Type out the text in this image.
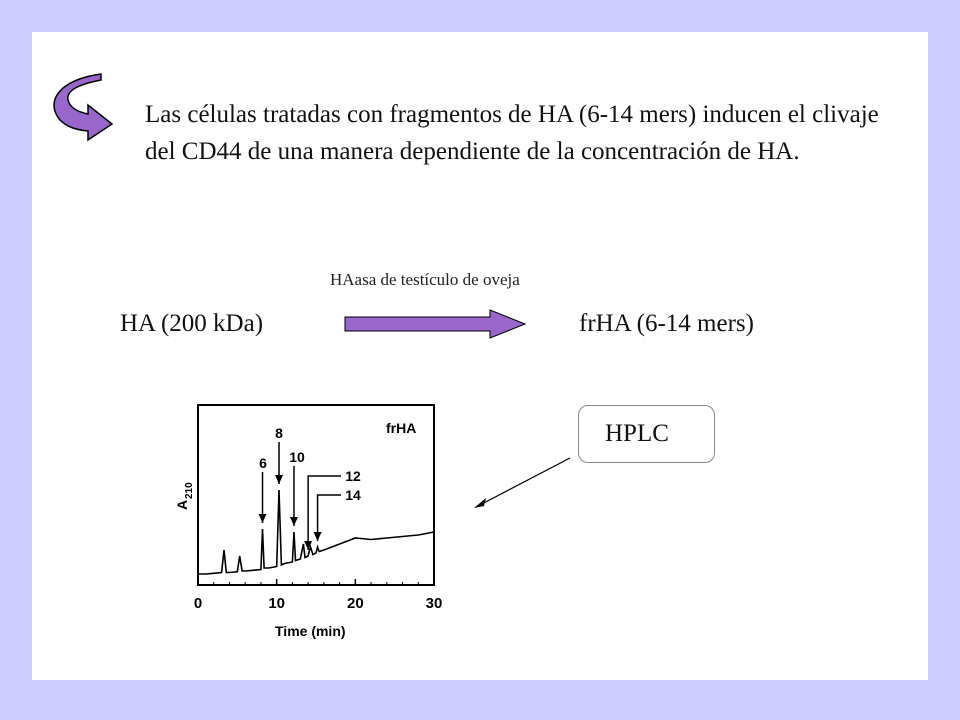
Las células tratadas con fragmentos de HA (6-14 mers) inducen el clivaje del CD44 de una manera dependiente de la concentración de HA.
HAasa de testículo de oveja
HA (200 kDa)	frHA (6-14 mers)
HPLC
frHA
Time (min)
A
210
0	10	20	30
6
8
10
12
14
